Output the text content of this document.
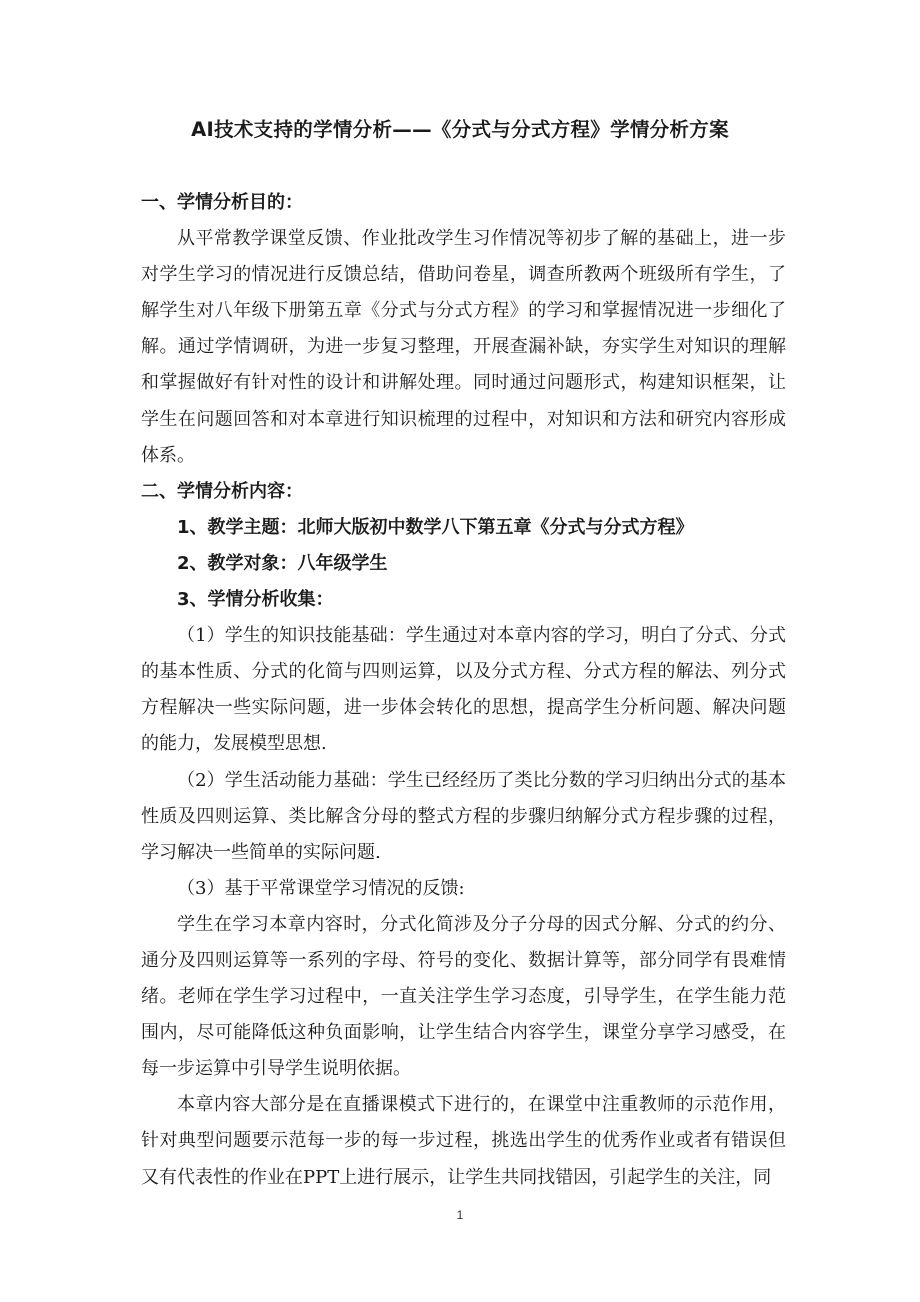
AI技术支持的学情分析——《分式与分式方程》学情分析方案

一、学情分析目的：

从平常教学课堂反馈、作业批改学生习作情况等初步了解的基础上，进一步对学生学习的情况进行反馈总结，借助问卷星，调查所教两个班级所有学生，了解学生对八年级下册第五章《分式与分式方程》的学习和掌握情况进一步细化了解。通过学情调研，为进一步复习整理，开展查漏补缺，夯实学生对知识的理解和掌握做好有针对性的设计和讲解处理。同时通过问题形式，构建知识框架，让学生在问题回答和对本章进行知识梳理的过程中，对知识和方法和研究内容形成体系。

二、学情分析内容：

1、教学主题：北师大版初中数学八下第五章《分式与分式方程》

2、教学对象：八年级学生

3、学情分析收集：

（1）学生的知识技能基础：学生通过对本章内容的学习，明白了分式、分式的基本性质、分式的化简与四则运算，以及分式方程、分式方程的解法、列分式方程解决一些实际问题，进一步体会转化的思想，提高学生分析问题、解决问题的能力，发展模型思想.

（2）学生活动能力基础：学生已经经历了类比分数的学习归纳出分式的基本性质及四则运算、类比解含分母的整式方程的步骤归纳解分式方程步骤的过程，学习解决一些简单的实际问题.

（3）基于平常课堂学习情况的反馈:

学生在学习本章内容时，分式化简涉及分子分母的因式分解、分式的约分、通分及四则运算等一系列的字母、符号的变化、数据计算等，部分同学有畏难情绪。老师在学生学习过程中，一直关注学生学习态度，引导学生，在学生能力范围内，尽可能降低这种负面影响，让学生结合内容学生，课堂分享学习感受，在每一步运算中引导学生说明依据。

本章内容大部分是在直播课模式下进行的，在课堂中注重教师的示范作用，针对典型问题要示范每一步的每一步过程，挑选出学生的优秀作业或者有错误但又有代表性的作业在PPT上进行展示，让学生共同找错因，引起学生的关注，同

1
